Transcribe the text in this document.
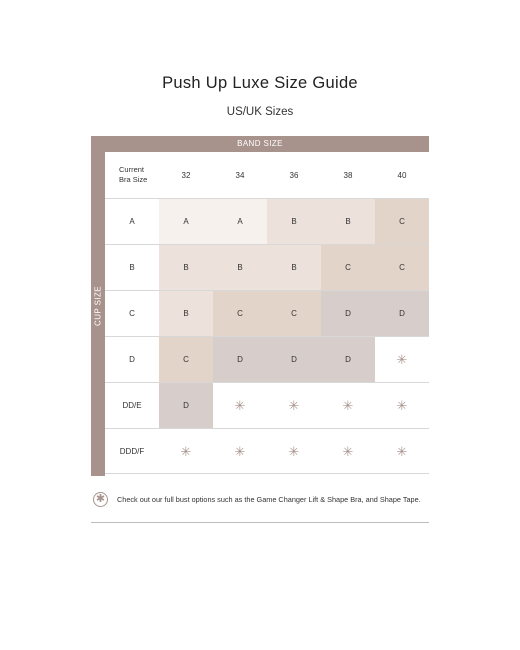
Push Up Luxe Size Guide
US/UK Sizes
BAND SIZE
CUP SIZE
Current
Bra Size	32	34	36	38	40
A	A	A	B	B	C
B	B	B	B	C	C
C	B	C	C	D	D
D	C	D	D	D	✳
DD/E	D	✳	✳	✳	✳
DDD/F	✳	✳	✳	✳	✳
✱ Check out our full bust options such as the Game Changer Lift & Shape Bra, and Shape Tape.
